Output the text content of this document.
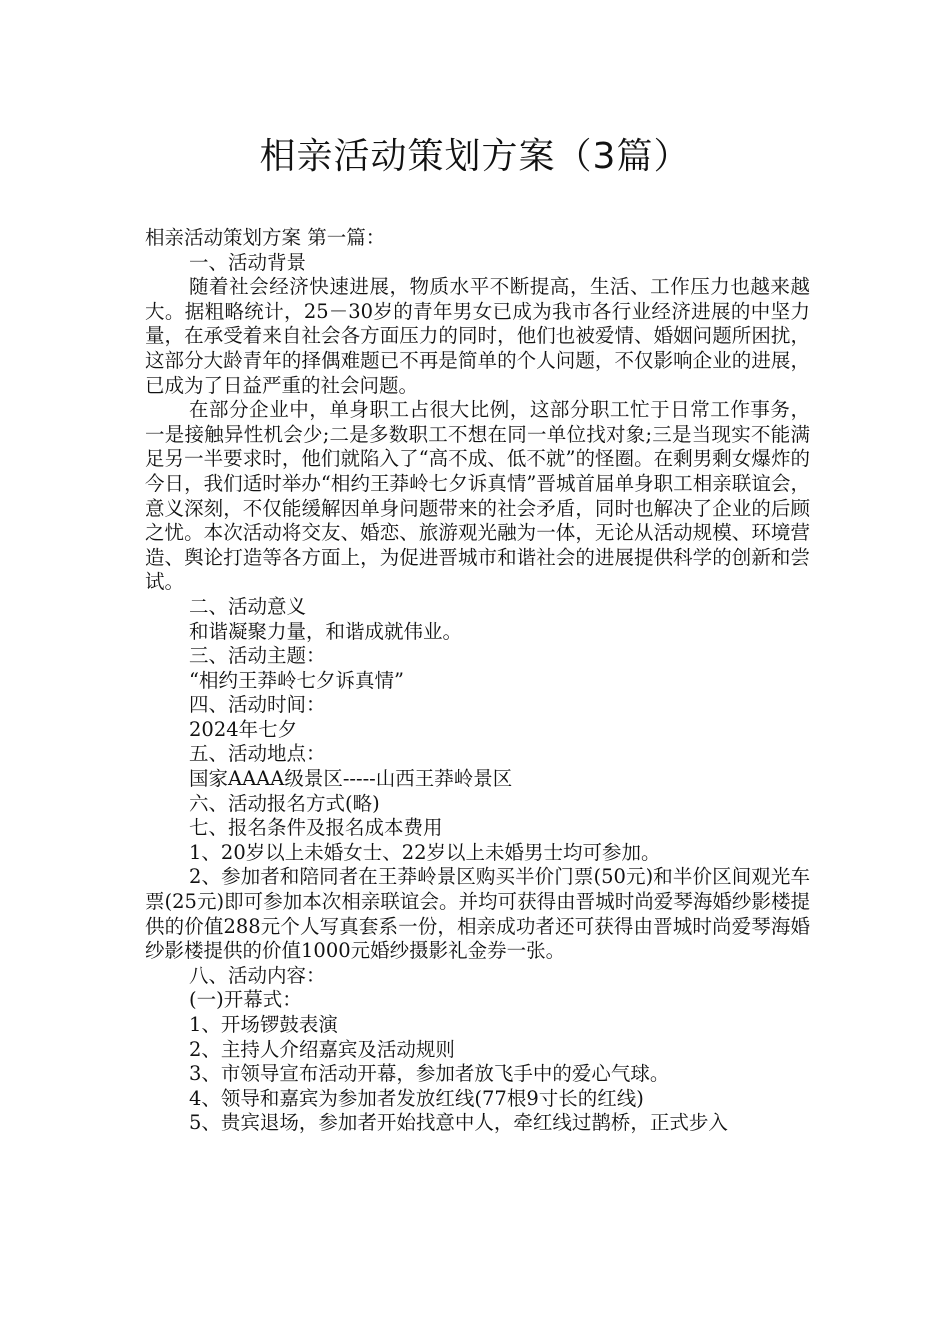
相亲活动策划方案（3篇）

相亲活动策划方案 第一篇：

一、活动背景

随着社会经济快速进展，物质水平不断提高，生活、工作压力也越来越大。据粗略统计，25－30岁的青年男女已成为我市各行业经济进展的中坚力量，在承受着来自社会各方面压力的同时，他们也被爱情、婚姻问题所困扰，这部分大龄青年的择偶难题已不再是简单的个人问题，不仅影响企业的进展，已成为了日益严重的社会问题。

在部分企业中，单身职工占很大比例，这部分职工忙于日常工作事务，一是接触异性机会少;二是多数职工不想在同一单位找对象;三是当现实不能满足另一半要求时，他们就陷入了“高不成、低不就”的怪圈。在剩男剩女爆炸的今日，我们适时举办“相约王莽岭七夕诉真情”晋城首届单身职工相亲联谊会，意义深刻，不仅能缓解因单身问题带来的社会矛盾，同时也解决了企业的后顾之忧。本次活动将交友、婚恋、旅游观光融为一体，无论从活动规模、环境营造、舆论打造等各方面上，为促进晋城市和谐社会的进展提供科学的创新和尝试。

二、活动意义

和谐凝聚力量，和谐成就伟业。

三、活动主题：

“相约王莽岭七夕诉真情”

四、活动时间：

2024年七夕

五、活动地点：

国家AAAA级景区-----山西王莽岭景区

六、活动报名方式(略)

七、报名条件及报名成本费用

1、20岁以上未婚女士、22岁以上未婚男士均可参加。

2、参加者和陪同者在王莽岭景区购买半价门票(50元)和半价区间观光车票(25元)即可参加本次相亲联谊会。并均可获得由晋城时尚爱琴海婚纱影楼提供的价值288元个人写真套系一份，相亲成功者还可获得由晋城时尚爱琴海婚纱影楼提供的价值1000元婚纱摄影礼金券一张。

八、活动内容：

(一)开幕式：

1、开场锣鼓表演

2、主持人介绍嘉宾及活动规则

3、市领导宣布活动开幕，参加者放飞手中的爱心气球。

4、领导和嘉宾为参加者发放红线(77根9寸长的红线)

5、贵宾退场，参加者开始找意中人，牵红线过鹊桥，正式步入
